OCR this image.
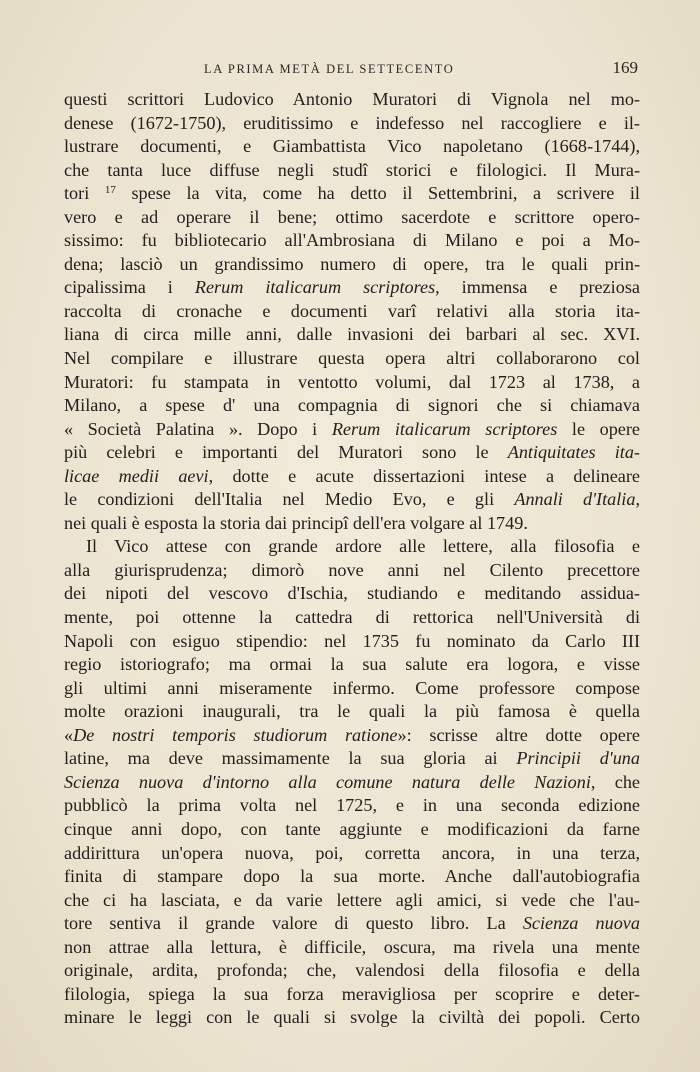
LA PRIMA METÀ DEL SETTECENTO	169
questi scrittori Ludovico Antonio Muratori di Vignola nel mo-
denese (1672-1750), eruditissimo e indefesso nel raccogliere e il-
lustrare documenti, e Giambattista Vico napoletano (1668-1744),
che tanta luce diffuse negli studî storici e filologici. Il Mura-
tori $^{17}$ spese la vita, come ha detto il Settembrini, a scrivere il
vero e ad operare il bene; ottimo sacerdote e scrittore opero-
sissimo: fu bibliotecario all'Ambrosiana di Milano e poi a Mo-
dena; lasciò un grandissimo numero di opere, tra le quali prin-
cipalissima i Rerum italicarum scriptores, immensa e preziosa
raccolta di cronache e documenti varî relativi alla storia ita-
liana di circa mille anni, dalle invasioni dei barbari al sec. XVI.
Nel compilare e illustrare questa opera altri collaborarono col
Muratori: fu stampata in ventotto volumi, dal 1723 al 1738, a
Milano, a spese d' una compagnia di signori che si chiamava
« Società Palatina ». Dopo i Rerum italicarum scriptores le opere
più celebri e importanti del Muratori sono le Antiquitates ita-
licae medii aevi, dotte e acute dissertazioni intese a delineare
le condizioni dell'Italia nel Medio Evo, e gli Annali d'Italia,
nei quali è esposta la storia dai principî dell'era volgare al 1749.
Il Vico attese con grande ardore alle lettere, alla filosofia e
alla giurisprudenza; dimorò nove anni nel Cilento precettore
dei nipoti del vescovo d'Ischia, studiando e meditando assidua-
mente, poi ottenne la cattedra di rettorica nell'Università di
Napoli con esiguo stipendio: nel 1735 fu nominato da Carlo III
regio istoriografo; ma ormai la sua salute era logora, e visse
gli ultimi anni miseramente infermo. Come professore compose
molte orazioni inaugurali, tra le quali la più famosa è quella
«De nostri temporis studiorum ratione»: scrisse altre dotte opere
latine, ma deve massimamente la sua gloria ai Principii d'una
Scienza nuova d'intorno alla comune natura delle Nazioni, che
pubblicò la prima volta nel 1725, e in una seconda edizione
cinque anni dopo, con tante aggiunte e modificazioni da farne
addirittura un'opera nuova, poi, corretta ancora, in una terza,
finita di stampare dopo la sua morte. Anche dall'autobiografia
che ci ha lasciata, e da varie lettere agli amici, si vede che l'au-
tore sentiva il grande valore di questo libro. La Scienza nuova
non attrae alla lettura, è difficile, oscura, ma rivela una mente
originale, ardita, profonda; che, valendosi della filosofia e della
filologia, spiega la sua forza meravigliosa per scoprire e deter-
minare le leggi con le quali si svolge la civiltà dei popoli. Certo
